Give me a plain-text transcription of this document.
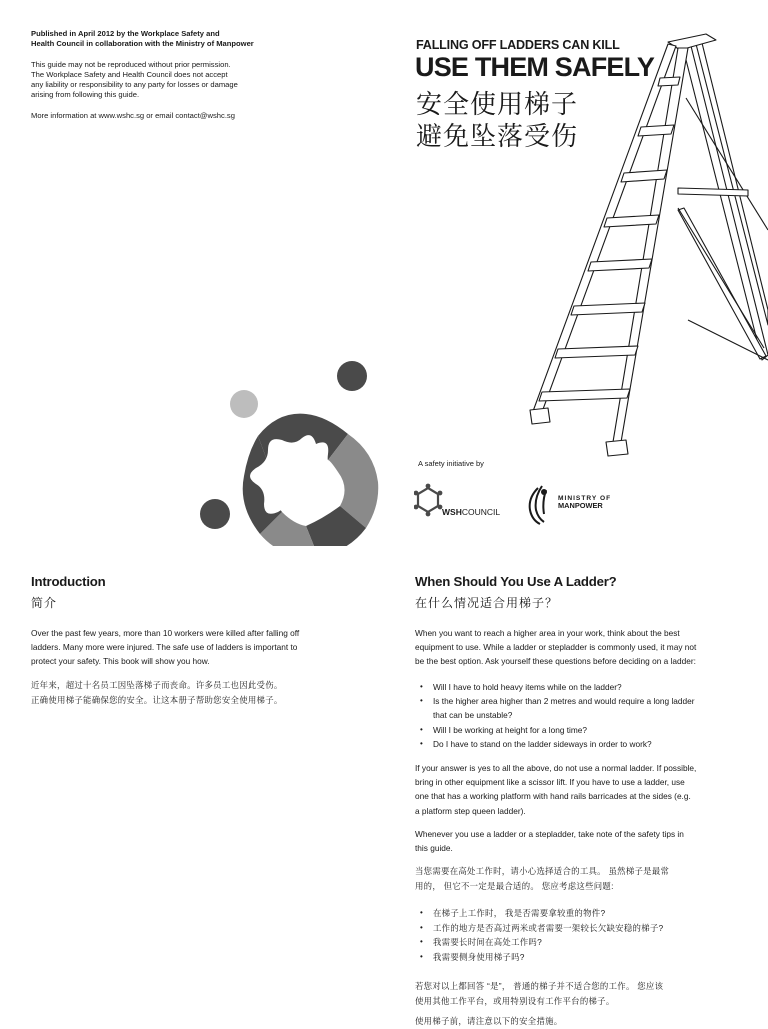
Published in April 2012 by the Workplace Safety and
Health Council in collaboration with the Ministry of Manpower

This guide may not be reproduced without prior permission.
The Workplace Safety and Health Council does not accept
any liability or responsibility to any party for losses or damage
arising from following this guide.

More information at www.wshc.sg or email contact@wshc.sg

FALLING OFF LADDERS CAN KILL
USE THEM SAFELY
安全使用梯子
避免坠落受伤
A safety initiative by
WSHCOUNCIL
MINISTRY OF
MANPOWER
Introduction
简介

Over the past few years, more than 10 workers were killed after falling off

ladders. Many more were injured. The safe use of ladders is important to

protect your safety. This book will show you how.

近年来，超过十名员工因坠落梯子而丧命。许多员工也因此受伤。

正确使用梯子能确保您的安全。让这本册子帮助您安全使用梯子。

When Should You Use A Ladder?
在什么情况适合用梯子？

When you want to reach a higher area in your work, think about the best

equipment to use. While a ladder or stepladder is commonly used, it may not

be the best option. Ask yourself these questions before deciding on a ladder:

• Will I have to hold heavy items while on the ladder?
• Is the higher area higher than 2 metres and would require a long ladder
that can be unstable?
• Will I be working at height for a long time?
• Do I have to stand on the ladder sideways in order to work?

If your answer is yes to all the above, do not use a normal ladder. If possible,

bring in other equipment like a scissor lift. If you have to use a ladder, use

one that has a working platform with hand rails barricades at the sides (e.g.

a platform step queen ladder).

Whenever you use a ladder or a stepladder, take note of the safety tips in

this guide.

当您需要在高处工作时，请小心选择适合的工具。 虽然梯子是最常

用的， 但它不一定是最合适的。 您应考虑这些问题:

• 在梯子上工作时， 我是否需要拿较重的物件?
• 工作的地方是否高过两米或者需要一架较长欠缺安稳的梯子?
• 我需要长时间在高处工作吗?
• 我需要侧身使用梯子吗?

若您对以上都回答 “是”， 普通的梯子并不适合您的工作。 您应该

使用其他工作平台，或用特别设有工作平台的梯子。

使用梯子前，请注意以下的安全措施。
